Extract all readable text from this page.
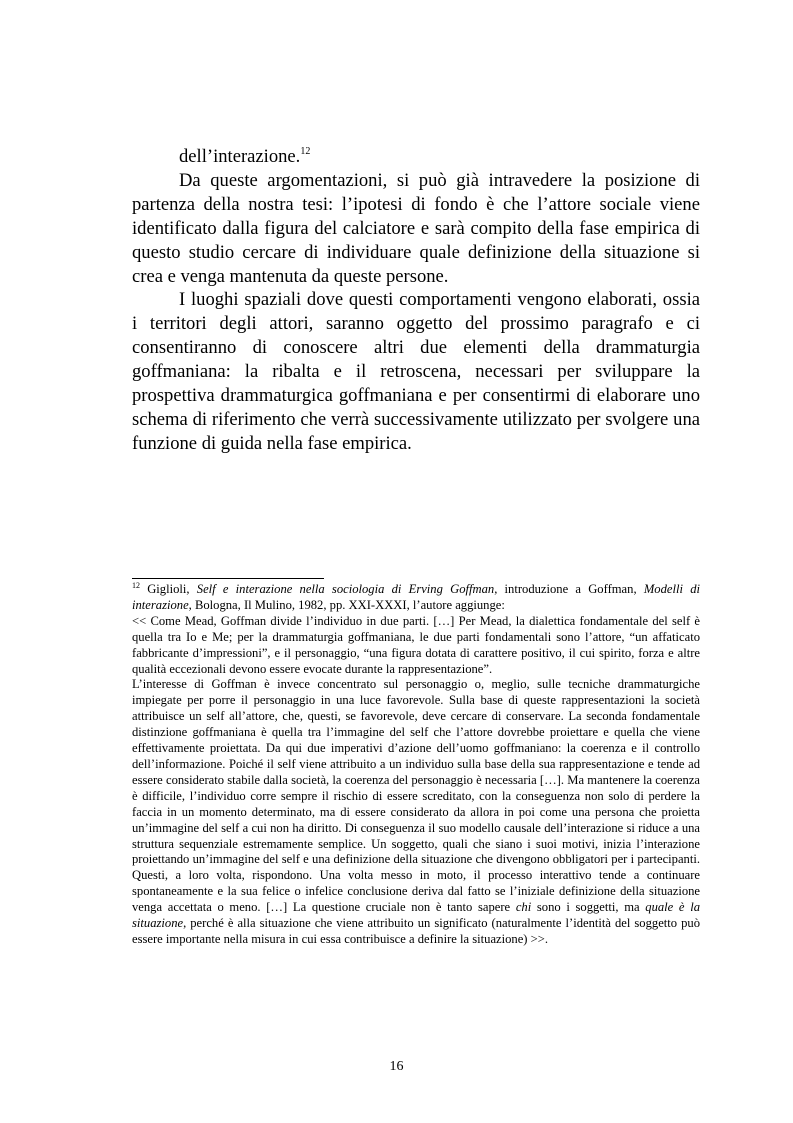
dell’interazione.$^{12}$

Da queste argomentazioni, si può già intravedere la posizione di partenza della nostra tesi: l’ipotesi di fondo è che l’attore sociale viene identificato dalla figura del calciatore e sarà compito della fase empirica di questo studio cercare di individuare quale definizione della situazione si crea e venga mantenuta da queste persone.

I luoghi spaziali dove questi comportamenti vengono elaborati, ossia i territori degli attori, saranno oggetto del prossimo paragrafo e ci consentiranno di conoscere altri due elementi della drammaturgia goffmaniana: la ribalta e il retroscena, necessari per sviluppare la prospettiva drammaturgica goffmaniana e per consentirmi di elaborare uno schema di riferimento che verrà successivamente utilizzato per svolgere una funzione di guida nella fase empirica.

$^{12}$ Giglioli, Self e interazione nella sociologia di Erving Goffman, introduzione a Goffman, Modelli di interazione, Bologna, Il Mulino, 1982, pp. XXI-XXXI, l’autore aggiunge:

<< Come Mead, Goffman divide l’individuo in due parti. […] Per Mead, la dialettica fondamentale del self è quella tra Io e Me; per la drammaturgia goffmaniana, le due parti fondamentali sono l’attore, “un affaticato fabbricante d’impressioni”, e il personaggio, “una figura dotata di carattere positivo, il cui spirito, forza e altre qualità eccezionali devono essere evocate durante la rappresentazione”.

L’interesse di Goffman è invece concentrato sul personaggio o, meglio, sulle tecniche drammaturgiche impiegate per porre il personaggio in una luce favorevole. Sulla base di queste rappresentazioni la società attribuisce un self all’attore, che, questi, se favorevole, deve cercare di conservare. La seconda fondamentale distinzione goffmaniana è quella tra l’immagine del self che l’attore dovrebbe proiettare e quella che viene effettivamente proiettata. Da qui due imperativi d’azione dell’uomo goffmaniano: la coerenza e il controllo dell’informazione. Poiché il self viene attribuito a un individuo sulla base della sua rappresentazione e tende ad essere considerato stabile dalla società, la coerenza del personaggio è necessaria […]. Ma mantenere la coerenza è difficile, l’individuo corre sempre il rischio di essere screditato, con la conseguenza non solo di perdere la faccia in un momento determinato, ma di essere considerato da allora in poi come una persona che proietta un’immagine del self a cui non ha diritto. Di conseguenza il suo modello causale dell’interazione si riduce a una struttura sequenziale estremamente semplice. Un soggetto, quali che siano i suoi motivi, inizia l’interazione proiettando un’immagine del self e una definizione della situazione che divengono obbligatori per i partecipanti. Questi, a loro volta, rispondono. Una volta messo in moto, il processo interattivo tende a continuare spontaneamente e la sua felice o infelice conclusione deriva dal fatto se l’iniziale definizione della situazione venga accettata o meno. […] La questione cruciale non è tanto sapere chi sono i soggetti, ma quale è la situazione, perché è alla situazione che viene attribuito un significato (naturalmente l’identità del soggetto può essere importante nella misura in cui essa contribuisce a definire la situazione) >>.

16
